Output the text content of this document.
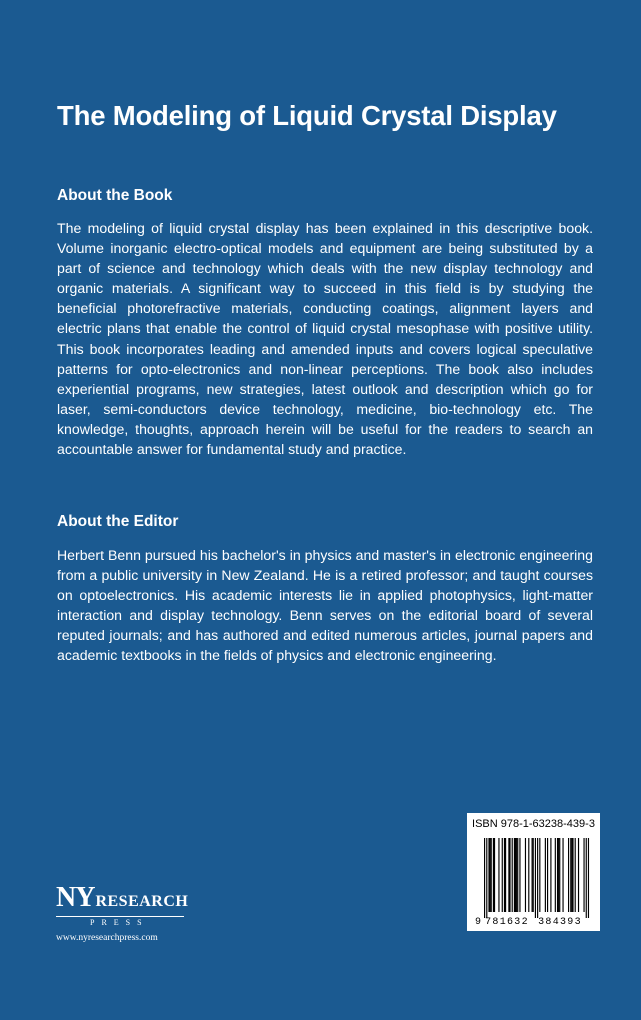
The Modeling of Liquid Crystal Display
About the Book
The modeling of liquid crystal display has been explained in this descriptive book. Volume inorganic electro-optical models and equipment are being substituted by a part of science and technology which deals with the new display technology and organic materials. A significant way to succeed in this field is by studying the beneficial photorefractive materials, conducting coatings, alignment layers and electric plans that enable the control of liquid crystal mesophase with positive utility. This book incorporates leading and amended inputs and covers logical speculative patterns for opto-electronics and non-linear perceptions. The book also includes experiential programs, new strategies, latest outlook and description which go for laser, semi-conductors device technology, medicine, bio-technology etc. The knowledge, thoughts, approach herein will be useful for the readers to search an accountable answer for fundamental study and practice.
About the Editor
Herbert Benn pursued his bachelor's in physics and master's in electronic engineering from a public university in New Zealand. He is a retired professor; and taught courses on optoelectronics. His academic interests lie in applied photophysics, light-matter interaction and display technology. Benn serves on the editorial board of several reputed journals; and has authored and edited numerous articles, journal papers and academic textbooks in the fields of physics and electronic engineering.
NY RESEARCH
PRESS
www.nyresearchpress.com
ISBN 978-1-63238-439-3
9 781632 384393
